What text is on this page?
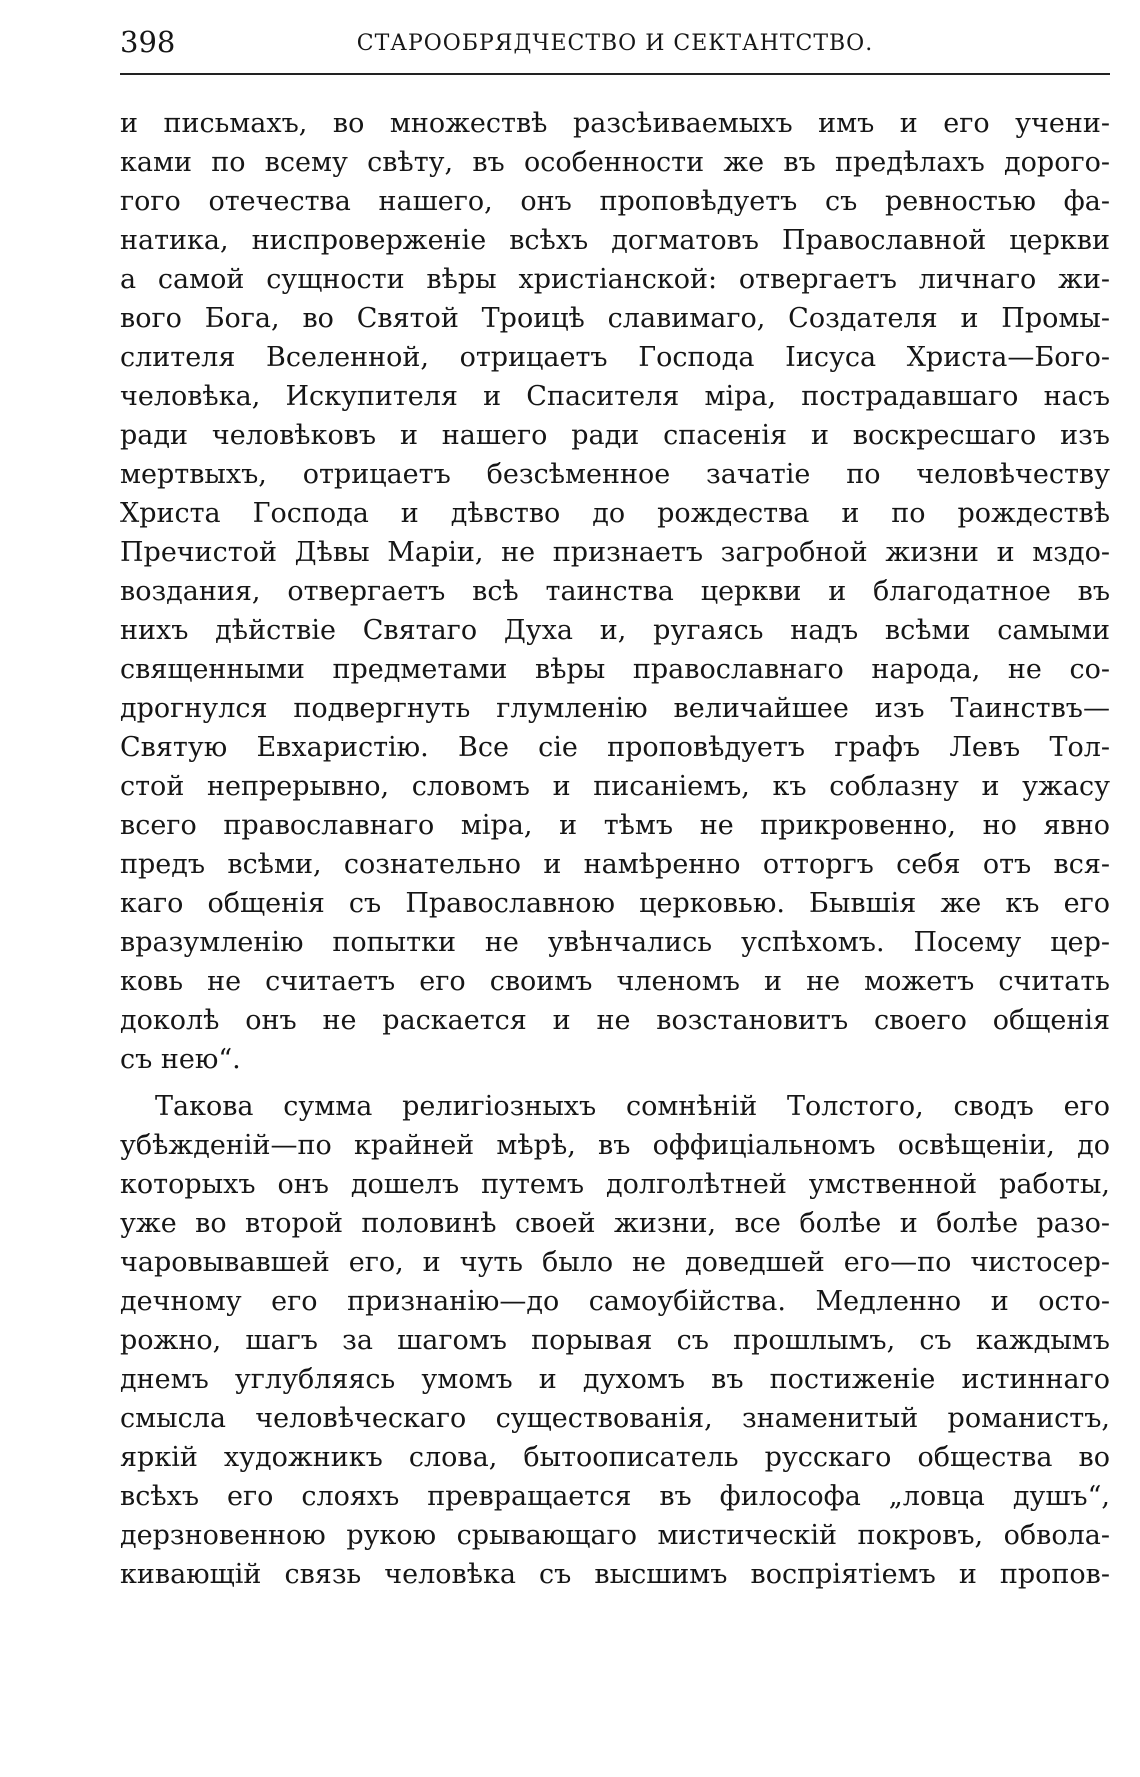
398	СТАРООБРЯДЧЕСТВО И СЕКТАНТСТВО.
и письмахъ, во множествѣ разсѣиваемыхъ имъ и его учени-
ками по всему свѣту, въ особенности же въ предѣлахъ дорого-
гого отечества нашего, онъ проповѣдуетъ съ ревностью фа-
натика, ниспроверженіе всѣхъ догматовъ Православной церкви
а самой сущности вѣры христіанской: отвергаетъ личнаго жи-
вого Бога, во Святой Троицѣ славимаго, Создателя и Промы-
слителя Вселенной, отрицаетъ Господа Іисуса Христа—Бого-
человѣка, Искупителя и Спасителя міра, пострадавшаго насъ
ради человѣковъ и нашего ради спасенія и воскресшаго изъ
мертвыхъ, отрицаетъ безсѣменное зачатіе по человѣчеству
Христа Господа и дѣвство до рождества и по рождествѣ
Пречистой Дѣвы Маріи, не признаетъ загробной жизни и мздо-
воздания, отвергаетъ всѣ таинства церкви и благодатное въ
нихъ дѣйствіе Святаго Духа и, ругаясь надъ всѣми самыми
священными предметами вѣры православнаго народа, не со-
дрогнулся подвергнуть глумленію величайшее изъ Таинствъ—
Святую Евхаристію. Все сіе проповѣдуетъ графъ Левъ Тол-
стой непрерывно, словомъ и писаніемъ, къ соблазну и ужасу
всего православнаго міра, и тѣмъ не прикровенно, но явно
предъ всѣми, сознательно и намѣренно отторгъ себя отъ вся-
каго общенія съ Православною церковью. Бывшія же къ его
вразумленію попытки не увѣнчались успѣхомъ. Посему цер-
ковь не считаетъ его своимъ членомъ и не можетъ считать
доколѣ онъ не раскается и не возстановитъ своего общенія
съ нею“.
Такова сумма религіозныхъ сомнѣній Толстого, сводъ его
убѣжденій—по крайней мѣрѣ, въ оффиціальномъ освѣщеніи, до
которыхъ онъ дошелъ путемъ долголѣтней умственной работы,
уже во второй половинѣ своей жизни, все болѣе и болѣе разо-
чаровывавшей его, и чуть было не доведшей его—по чистосер-
дечному его признанію—до самоубійства. Медленно и осто-
рожно, шагъ за шагомъ порывая съ прошлымъ, съ каждымъ
днемъ углубляясь умомъ и духомъ въ постиженіе истиннаго
смысла человѣческаго существованія, знаменитый романистъ,
яркій художникъ слова, бытоописатель русскаго общества во
всѣхъ его слояхъ превращается въ философа „ловца душъ“,
дерзновенною рукою срывающаго мистическій покровъ, обвола-
кивающій связь человѣка съ высшимъ воспріятіемъ и пропов-
